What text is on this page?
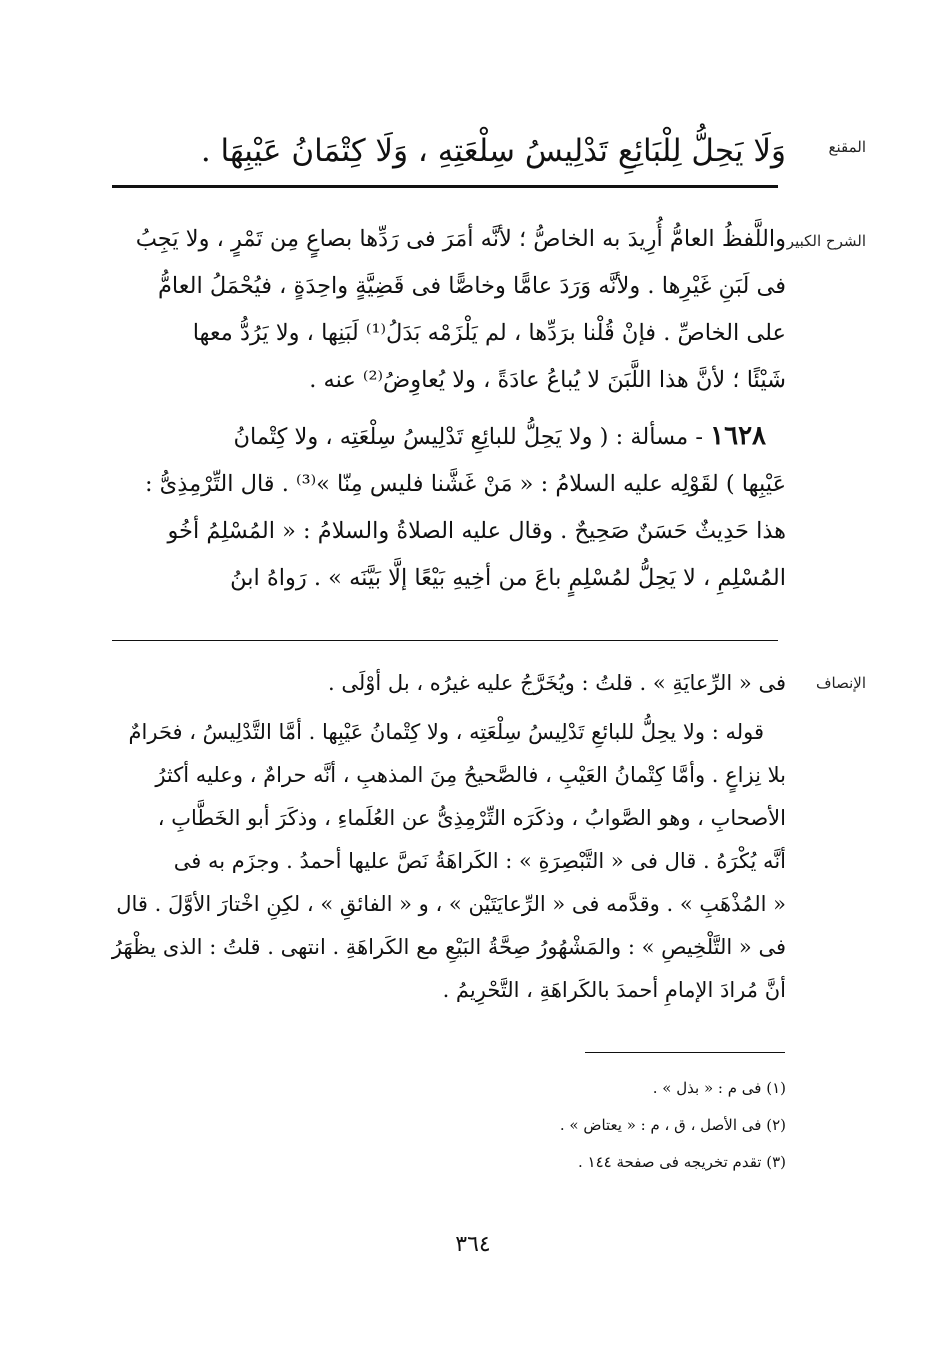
المقنع
وَلَا يَحِلُّ لِلْبَائِعِ تَدْلِيسُ سِلْعَتِهِ ، وَلَا كِتْمَانُ عَيْبِهَا .
الشرح الكبير
واللَّفظُ العامُّ أُرِيدَ به الخاصُّ ؛ لأنَّه أمَرَ فى رَدِّها بصاعٍ مِن تَمْرٍ ، ولا يَجِبُ
فى لَبَنِ غَيْرِها . ولأنَّه وَرَدَ عامًّا وخاصًّا فى قَضِيَّةٍ واحِدَةٍ ، فيُحْمَلُ العامُّ
على الخاصِّ . فإنْ قُلْنا برَدِّها ، لم يَلْزَمْه بَدَلُ⁽¹⁾ لَبَنِها ، ولا يَرُدُّ معها
شَيْئًا ؛ لأنَّ هذا اللَّبَنَ لا يُباعُ عادَةً ، ولا يُعاوِضُ⁽²⁾ عنه .
١٦٢٨ - مسألة : ( ولا يَحِلُّ للبائِعِ تَدْلِيسُ سِلْعَتِه ، ولا كِتْمانُ
عَيْبِها ) لقَوْلِه عليه السلامُ : « مَنْ غَشَّنا فليس مِنّا »⁽³⁾ . قال التِّرْمِذِىُّ :
هذا حَدِيثٌ حَسَنٌ صَحِيحٌ . وقال عليه الصلاةُ والسلامُ : « المُسْلِمُ أخُو
المُسْلِمِ ، لا يَحِلُّ لمُسْلِمٍ باعَ من أخِيهِ بَيْعًا إلَّا بَيَّنَه » . رَواهُ ابنُ
الإنصاف
فى « الرِّعايَةِ » . قلتُ : ويُخَرَّجُ عليه غيرُه ، بل أوْلَى .
قوله : ولا يحِلُّ للبائعِ تَدْلِيسُ سِلْعَتِه ، ولا كِتْمانُ عَيْبِها . أمَّا التَّدْلِيسُ ، فحَرامٌ
بلا نِزاعٍ . وأمَّا كِتْمانُ العَيْبِ ، فالصَّحيحُ مِنَ المذهبِ ، أنَّه حرامٌ ، وعليه أكثرُ
الأصحابِ ، وهو الصَّوابُ ، وذكَرَه التِّرْمِذِىُّ عن العُلَماءِ ، وذكَرَ أبو الخَطَّابِ ،
أنَّه يُكْرَهُ . قال فى « التَّبْصِرَةِ » : الكَراهَةُ نَصَّ عليها أحمدُ . وجزَم به فى
« المُذْهَبِ » . وقدَّمه فى « الرِّعايَتَيْن » ، و « الفائقِ » ، لكِنِ اخْتارَ الأوَّلَ . قال
فى « التَّلْخِيصِ » : والمَشْهُورُ صِحَّةُ البَيْعِ مع الكَراهَةِ . انتهى . قلتُ : الذى يظْهَرُ
أنَّ مُرادَ الإمامِ أحمدَ بالكَراهَةِ ، التَّحْرِيمُ .
(١) فى م : « بذل » .
(٢) فى الأصل ، ق ، م : « يعتاض » .
(٣) تقدم تخريجه فى صفحة ١٤٤ .
٣٦٤
